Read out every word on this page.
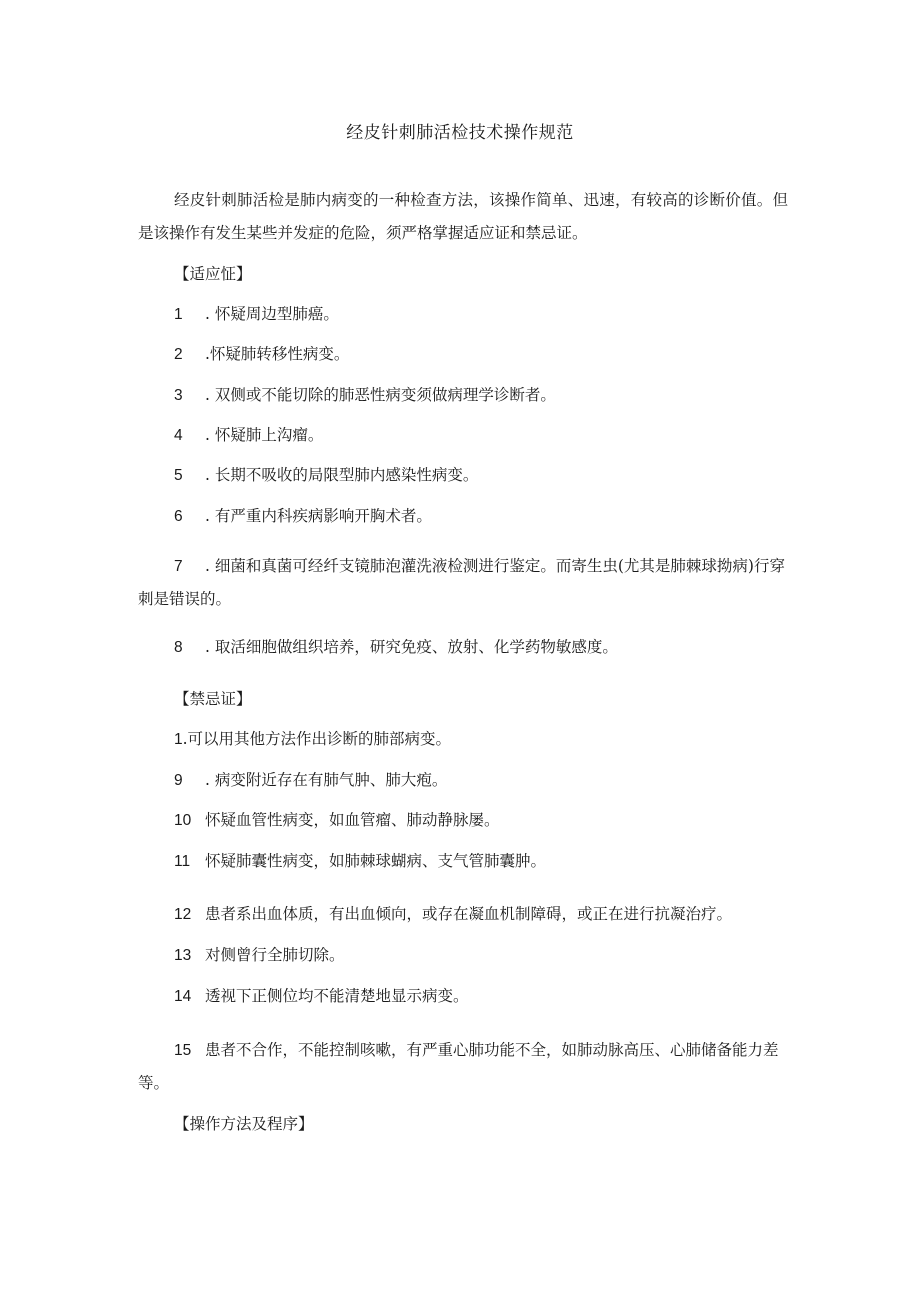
经皮针刺肺活检技术操作规范
经皮针刺肺活检是肺内病变的一种检查方法，该操作简单、迅速，有较高的诊断价值。但是该操作有发生某些并发症的危险，须严格掌握适应证和禁忌证。
【适应怔】
1 . 怀疑周边型肺癌。
2 .怀疑肺转移性病变。
3 . 双侧或不能切除的肺恶性病变须做病理学诊断者。
4 . 怀疑肺上沟瘤。
5 . 长期不吸收的局限型肺内感染性病变。
6 . 有严重内科疾病影响开胸术者。
7 . 细菌和真菌可经纤支镜肺泡灌洗液检测进行鉴定。而寄生虫(尤其是肺棘球拗病)行穿刺是错误的。
8 . 取活细胞做组织培养，研究免疫、放射、化学药物敏感度。
【禁忌证】
1.可以用其他方法作出诊断的肺部病变。
9 . 病变附近存在有肺气肿、肺大疱。
10 怀疑血管性病变，如血管瘤、肺动静脉屡。
11 怀疑肺囊性病变，如肺棘球蝴病、支气管肺囊肿。
12 患者系出血体质，有出血倾向，或存在凝血机制障碍，或正在进行抗凝治疗。
13 对侧曾行全肺切除。
14 透视下正侧位均不能清楚地显示病变。
15 患者不合作，不能控制咳嗽，有严重心肺功能不全，如肺动脉高压、心肺储备能力差等。
【操作方法及程序】
